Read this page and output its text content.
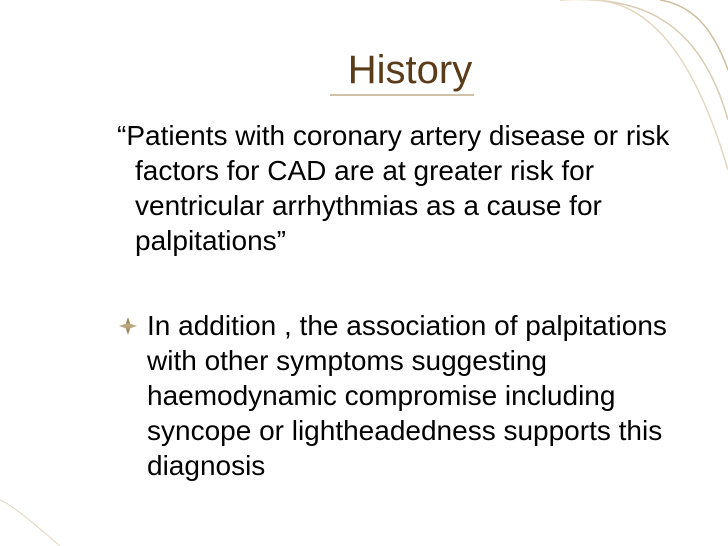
History

“Patients with coronary artery disease or risk factors for CAD are at greater risk for ventricular arrhythmias as a cause for palpitations”

In addition , the association of palpitations with other symptoms suggesting haemodynamic compromise including syncope or lightheadedness supports this diagnosis
